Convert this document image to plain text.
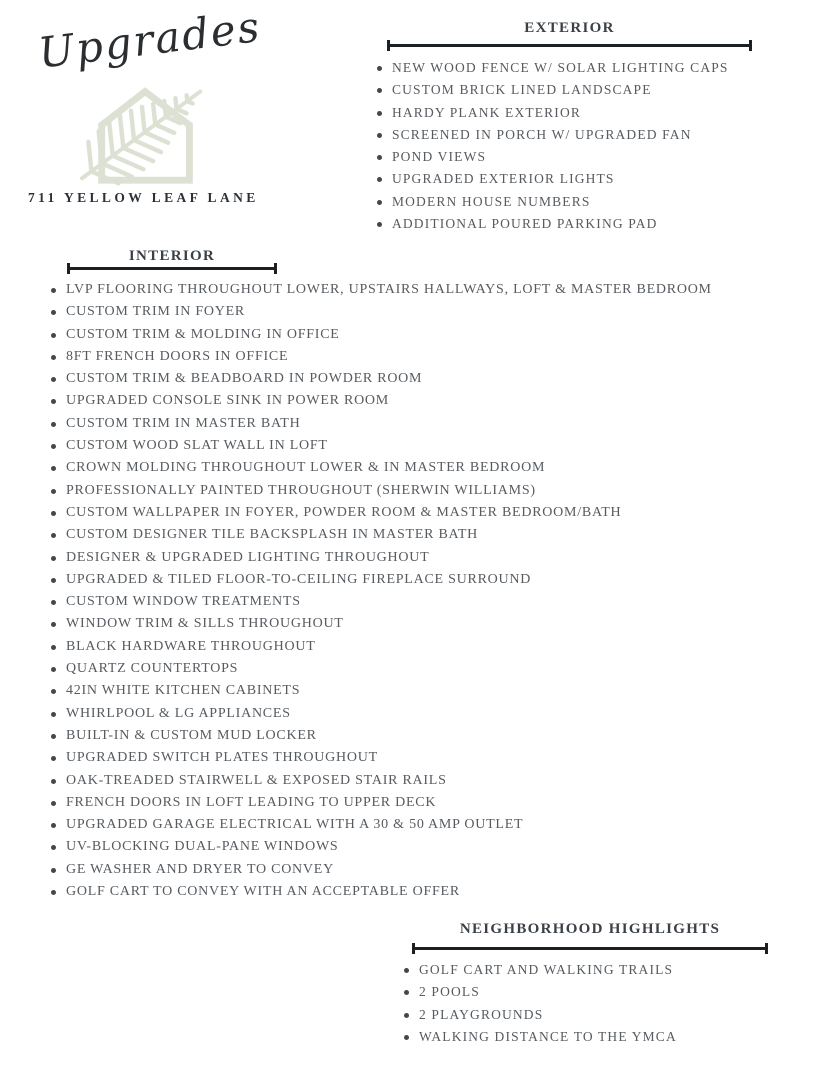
Upgrades
711 YELLOW LEAF LANE
EXTERIOR
NEW WOOD FENCE W/ SOLAR LIGHTING CAPS
CUSTOM BRICK LINED LANDSCAPE
HARDY PLANK EXTERIOR
SCREENED IN PORCH W/ UPGRADED FAN
POND VIEWS
UPGRADED EXTERIOR LIGHTS
MODERN HOUSE NUMBERS
ADDITIONAL POURED PARKING PAD
INTERIOR
LVP FLOORING THROUGHOUT LOWER, UPSTAIRS HALLWAYS, LOFT & MASTER BEDROOM
CUSTOM TRIM IN FOYER
CUSTOM TRIM & MOLDING IN OFFICE
8FT FRENCH DOORS IN OFFICE
CUSTOM TRIM & BEADBOARD IN POWDER ROOM
UPGRADED CONSOLE SINK IN POWER ROOM
CUSTOM TRIM IN MASTER BATH
CUSTOM WOOD SLAT WALL IN LOFT
CROWN MOLDING THROUGHOUT LOWER & IN MASTER BEDROOM
PROFESSIONALLY PAINTED THROUGHOUT (SHERWIN WILLIAMS)
CUSTOM WALLPAPER IN FOYER, POWDER ROOM & MASTER BEDROOM/BATH
CUSTOM DESIGNER TILE BACKSPLASH IN MASTER BATH
DESIGNER & UPGRADED LIGHTING THROUGHOUT
UPGRADED & TILED FLOOR-TO-CEILING FIREPLACE SURROUND
CUSTOM WINDOW TREATMENTS
WINDOW TRIM & SILLS THROUGHOUT
BLACK HARDWARE THROUGHOUT
QUARTZ COUNTERTOPS
42IN WHITE KITCHEN CABINETS
WHIRLPOOL & LG APPLIANCES
BUILT-IN & CUSTOM MUD LOCKER
UPGRADED SWITCH PLATES THROUGHOUT
OAK-TREADED STAIRWELL & EXPOSED STAIR RAILS
FRENCH DOORS IN LOFT LEADING TO UPPER DECK
UPGRADED GARAGE ELECTRICAL WITH A 30 & 50 AMP OUTLET
UV-BLOCKING DUAL-PANE WINDOWS
GE WASHER AND DRYER TO CONVEY
GOLF CART TO CONVEY WITH AN ACCEPTABLE OFFER
NEIGHBORHOOD HIGHLIGHTS
GOLF CART AND WALKING TRAILS
2 POOLS
2 PLAYGROUNDS
WALKING DISTANCE TO THE YMCA
